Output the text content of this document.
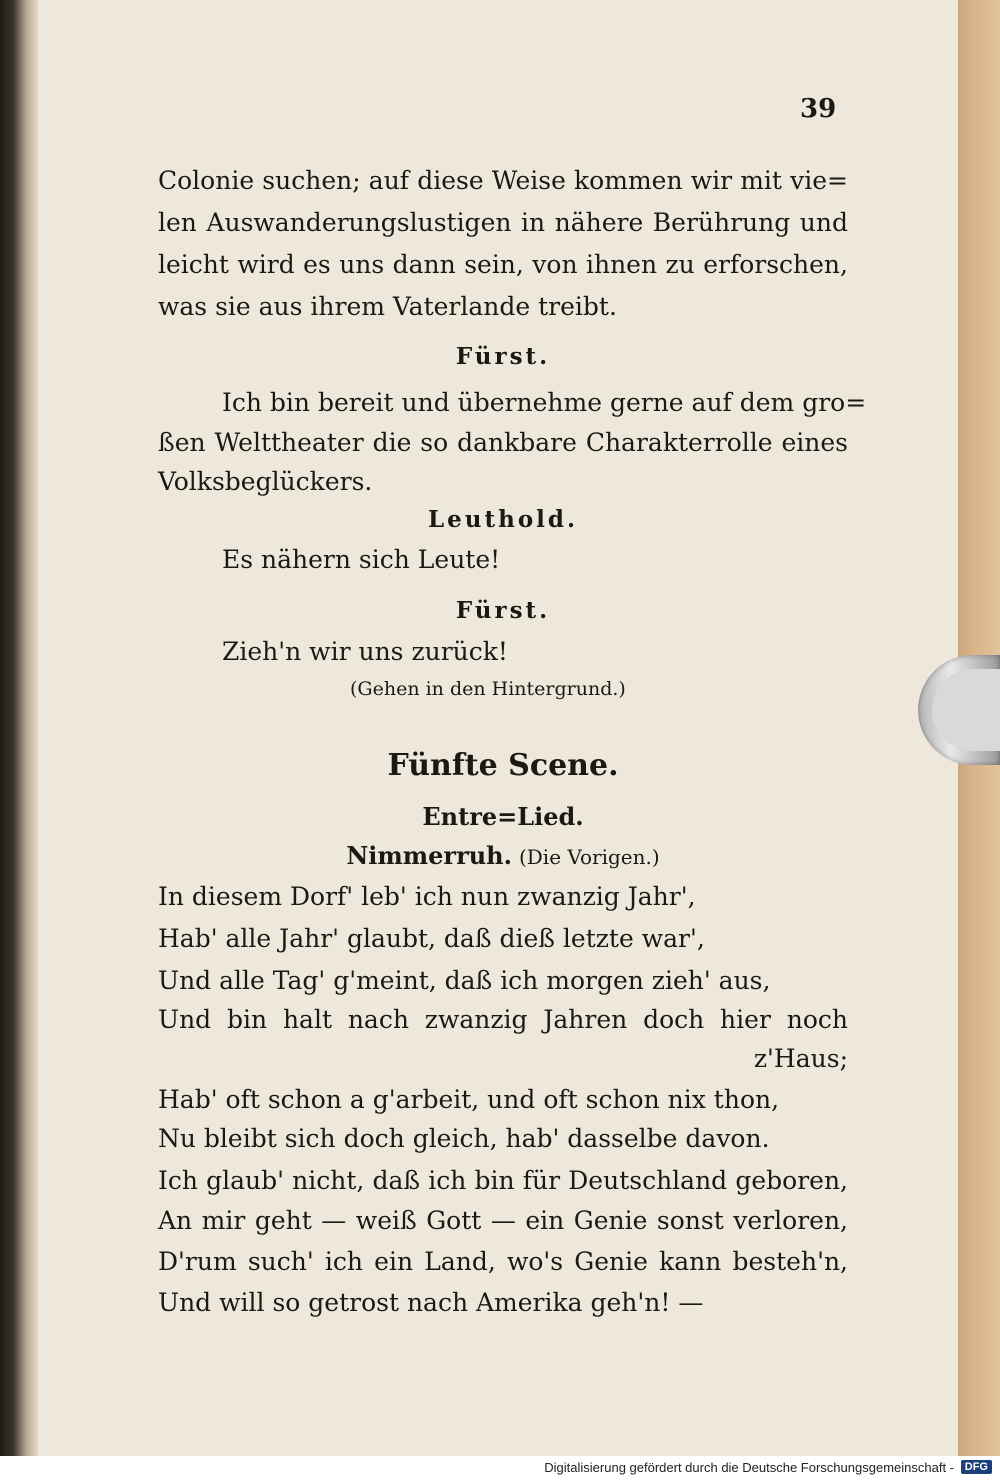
39
Colonie suchen; auf diese Weise kommen wir mit vie=
len Auswanderungslustigen in nähere Berührung und
leicht wird es uns dann sein, von ihnen zu erforschen,
was sie aus ihrem Vaterlande treibt.
Fürst.
Ich bin bereit und übernehme gerne auf dem gro=
ßen Welttheater die so dankbare Charakterrolle eines
Volksbeglückers.
Leuthold.
Es nähern sich Leute!
Fürst.
Zieh'n wir uns zurück!
(Gehen in den Hintergrund.)
Fünfte Scene.
Entre=Lied.
Nimmerruh. (Die Vorigen.)
In diesem Dorf' leb' ich nun zwanzig Jahr',
Hab' alle Jahr' glaubt, daß dieß letzte war',
Und alle Tag' g'meint, daß ich morgen zieh' aus,
Und bin halt nach zwanzig Jahren doch hier noch
z'Haus;
Hab' oft schon a g'arbeit, und oft schon nix thon,
Nu bleibt sich doch gleich, hab' dasselbe davon.
Ich glaub' nicht, daß ich bin für Deutschland geboren,
An mir geht — weiß Gott — ein Genie sonst verloren,
D'rum such' ich ein Land, wo's Genie kann besteh'n,
Und will so getrost nach Amerika geh'n! —
Digitalisierung gefördert durch die Deutsche Forschungsgemeinschaft - DFG
